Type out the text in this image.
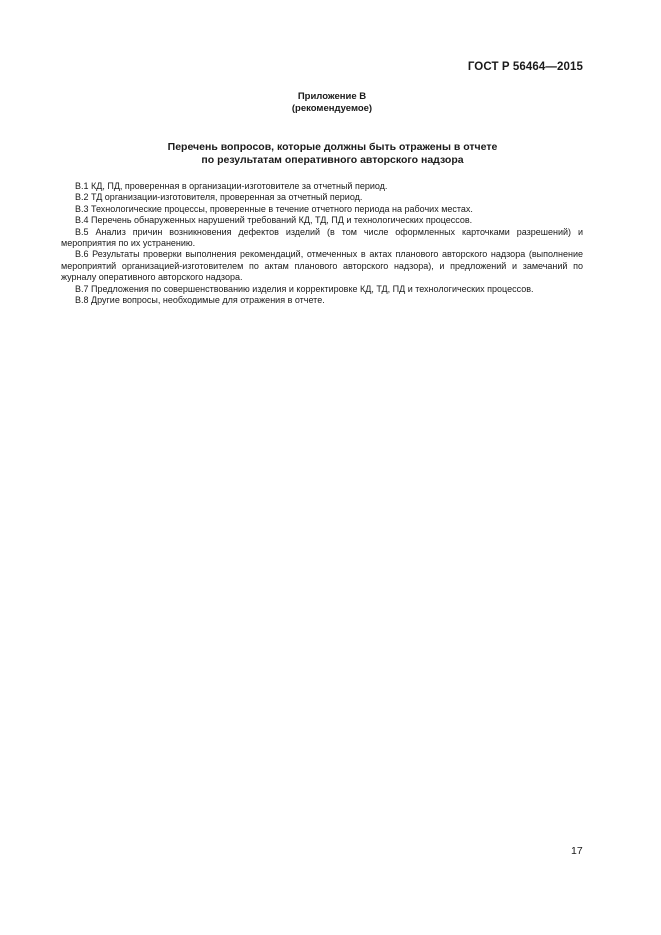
ГОСТ Р 56464—2015
Приложение В
(рекомендуемое)
Перечень вопросов, которые должны быть отражены в отчете
по результатам оперативного авторского надзора

В.1 КД, ПД, проверенная в организации-изготовителе за отчетный период.

В.2 ТД организации-изготовителя, проверенная за отчетный период.

В.3 Технологические процессы, проверенные в течение отчетного периода на рабочих местах.

В.4 Перечень обнаруженных нарушений требований КД, ТД, ПД и технологических процессов.

В.5 Анализ причин возникновения дефектов изделий (в том числе оформленных карточками разрешений) и мероприятия по их устранению.

В.6 Результаты проверки выполнения рекомендаций, отмеченных в актах планового авторского надзора (выполнение мероприятий организацией-изготовителем по актам планового авторского надзора), и предложений и замечаний по журналу оперативного авторского надзора.

В.7 Предложения по совершенствованию изделия и корректировке КД, ТД, ПД и технологических процессов.

В.8 Другие вопросы, необходимые для отражения в отчете.

17
